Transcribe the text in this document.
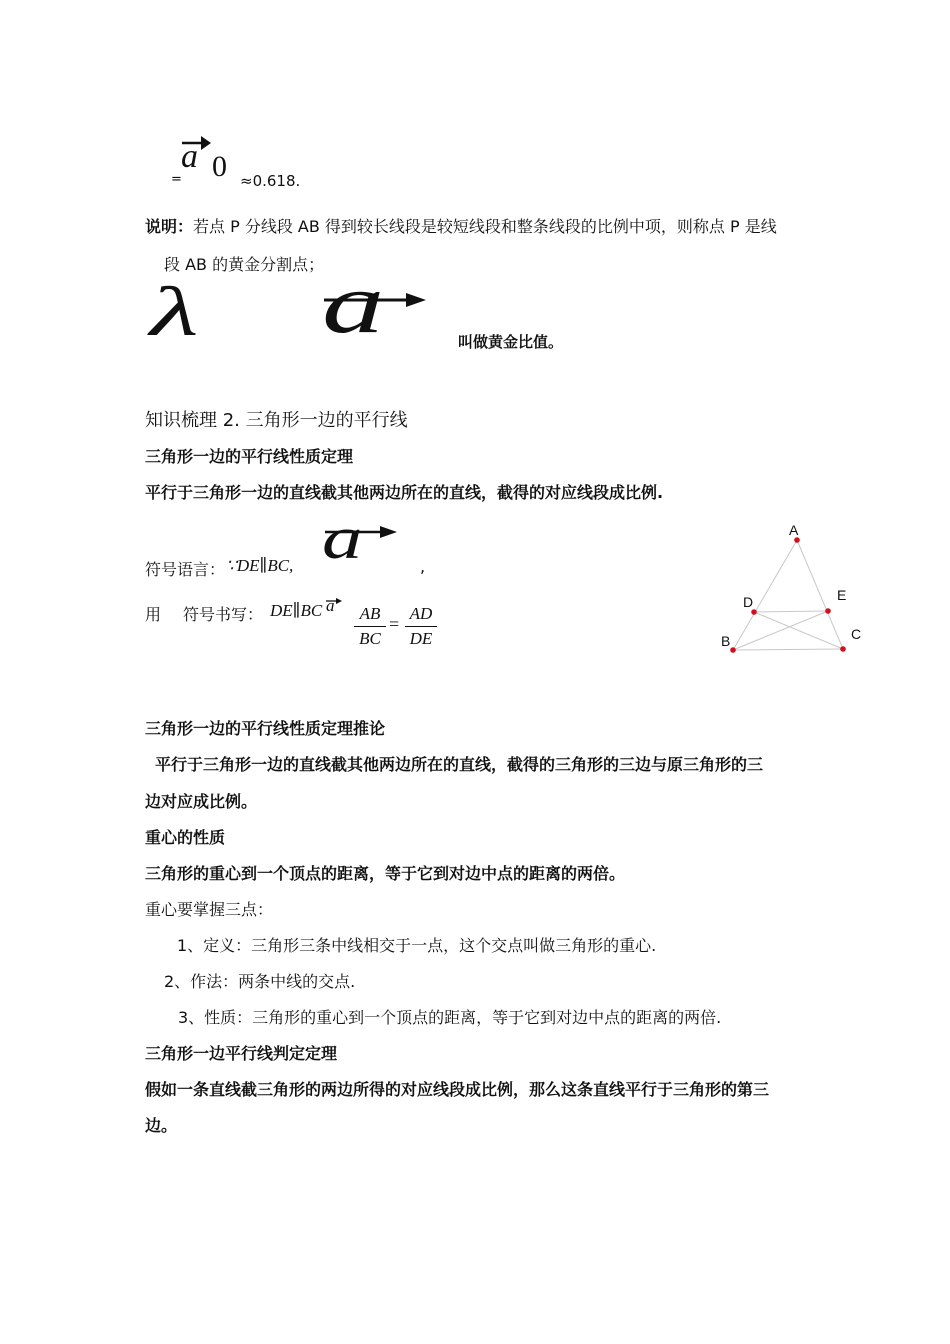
=
a 0 ≈0.618.
说明：若点 P 分线段 AB 得到较长线段是较短线段和整条线段的比例中项，则称点 P 是线
段 AB 的黄金分割点；
λ a	叫做黄金比值。
知识梳理 2. 三角形一边的平行线
三角形一边的平行线性质定理
平行于三角形一边的直线截其他两边所在的直线，截得的对应线段成比例.
符号语言： ∵DE∥BC, a	,
用 符号书写： DE∥BC a	AB
BC
=
AD
DE
A
D	E
B	C
三角形一边的平行线性质定理推论
平行于三角形一边的直线截其他两边所在的直线，截得的三角形的三边与原三角形的三
边对应成比例。
重心的性质
三角形的重心到一个顶点的距离，等于它到对边中点的距离的两倍。
重心要掌握三点：
1、定义：三角形三条中线相交于一点，这个交点叫做三角形的重心.
2、作法：两条中线的交点.
3、性质：三角形的重心到一个顶点的距离，等于它到对边中点的距离的两倍.
三角形一边平行线判定定理
假如一条直线截三角形的两边所得的对应线段成比例，那么这条直线平行于三角形的第三
边。
